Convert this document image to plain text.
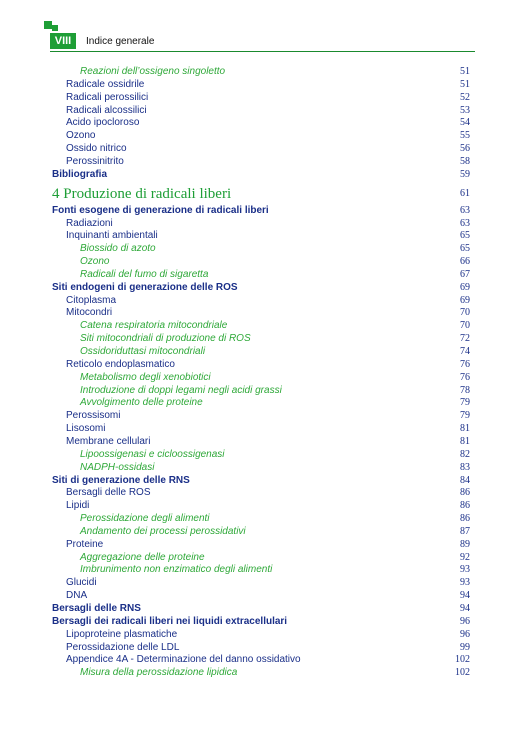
VIII	Indice generale
Reazioni dell’ossigeno singoletto	51
Radicale ossidrile	51
Radicali perossilici	52
Radicali alcossilici	53
Acido ipocloroso	54
Ozono	55
Ossido nitrico	56
Perossinitrito	58
Bibliografia	59
4 Produzione di radicali liberi	61
Fonti esogene di generazione di radicali liberi	63
Radiazioni	63
Inquinanti ambientali	65
Biossido di azoto	65
Ozono	66
Radicali del fumo di sigaretta	67
Siti endogeni di generazione delle ROS	69
Citoplasma	69
Mitocondri	70
Catena respiratoria mitocondriale	70
Siti mitocondriali di produzione di ROS	72
Ossidoriduttasi mitocondriali	74
Reticolo endoplasmatico	76
Metabolismo degli xenobiotici	76
Introduzione di doppi legami negli acidi grassi	78
Avvolgimento delle proteine	79
Perossisomi	79
Lisosomi	81
Membrane cellulari	81
Lipoossigenasi e cicloossigenasi	82
NADPH-ossidasi	83
Siti di generazione delle RNS	84
Bersagli delle ROS	86
Lipidi	86
Perossidazione degli alimenti	86
Andamento dei processi perossidativi	87
Proteine	89
Aggregazione delle proteine	92
Imbrunimento non enzimatico degli alimenti	93
Glucidi	93
DNA	94
Bersagli delle RNS	94
Bersagli dei radicali liberi nei liquidi extracellulari	96
Lipoproteine plasmatiche	96
Perossidazione delle LDL	99
Appendice 4A - Determinazione del danno ossidativo	102
Misura della perossidazione lipidica	102
